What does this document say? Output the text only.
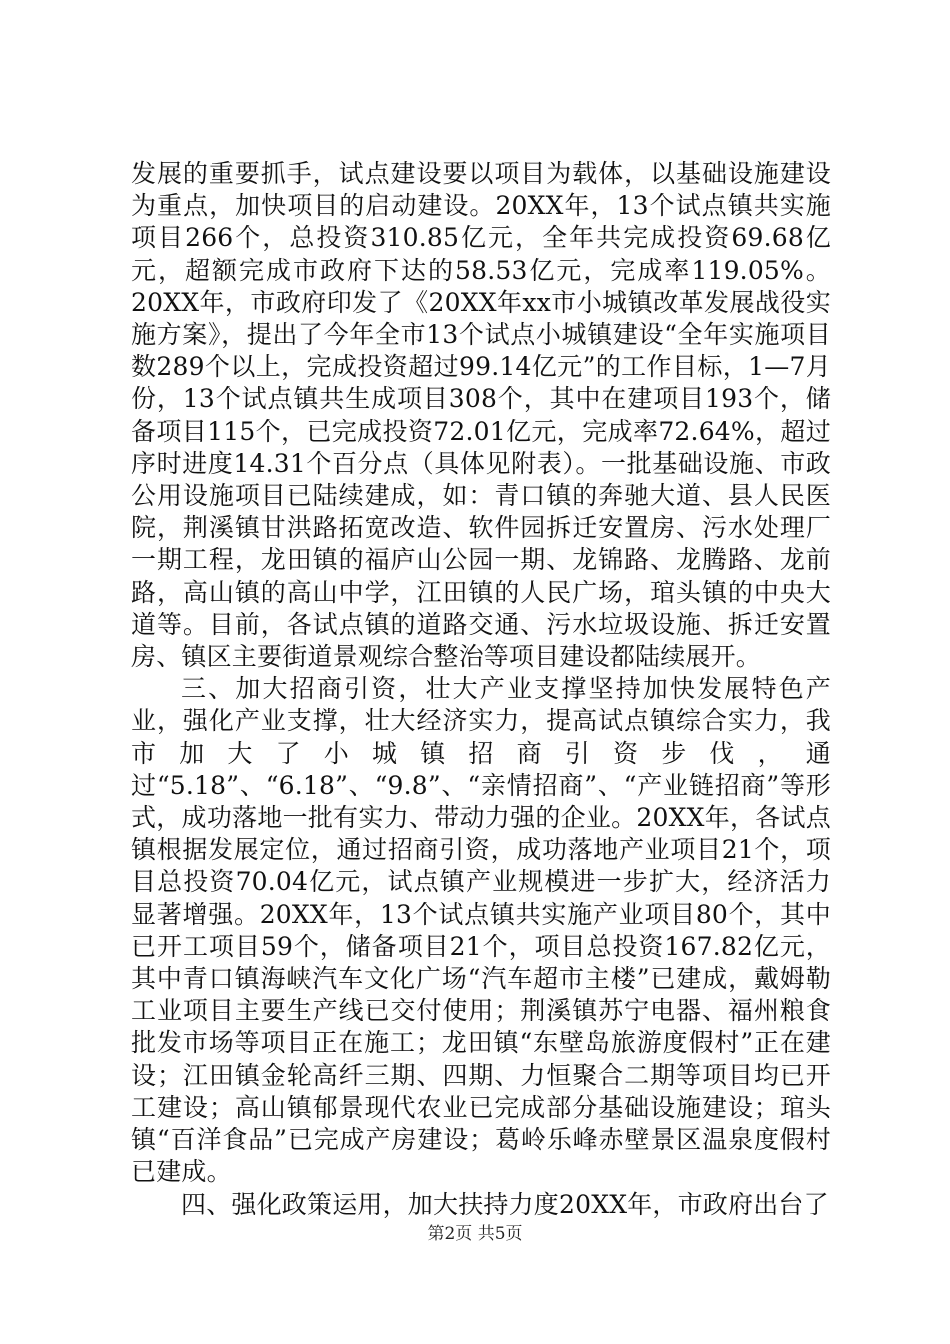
发展的重要抓手，试点建设要以项目为载体，以基础设施建设为重点，加快项目的启动建设。20XX年，13个试点镇共实施项目266个，总投资310.85亿元，全年共完成投资69.68亿元，超额完成市政府下达的58.53亿元，完成率119.05%。20XX年，市政府印发了《20XX年xx市小城镇改革发展战役实施方案》，提出了今年全市13个试点小城镇建设“全年实施项目数289个以上，完成投资超过99.14亿元”的工作目标，1—7月份，13个试点镇共生成项目308个，其中在建项目193个，储备项目115个，已完成投资72.01亿元，完成率72.64%，超过序时进度14.31个百分点（具体见附表）。一批基础设施、市政公用设施项目已陆续建成，如：青口镇的奔驰大道、县人民医院，荆溪镇甘洪路拓宽改造、软件园拆迁安置房、污水处理厂一期工程，龙田镇的福庐山公园一期、龙锦路、龙腾路、龙前路，高山镇的高山中学，江田镇的人民广场，琯头镇的中央大道等。目前，各试点镇的道路交通、污水垃圾设施、拆迁安置房、镇区主要街道景观综合整治等项目建设都陆续展开。

三、加大招商引资，壮大产业支撑坚持加快发展特色产业，强化产业支撑，壮大经济实力，提高试点镇综合实力，我市加大了小城镇招商引资步伐，通过“5.18”、“6.18”、“9.8”、“亲情招商”、“产业链招商”等形式，成功落地一批有实力、带动力强的企业。20XX年，各试点镇根据发展定位，通过招商引资，成功落地产业项目21个，项目总投资70.04亿元，试点镇产业规模进一步扩大，经济活力显著增强。20XX年，13个试点镇共实施产业项目80个，其中已开工项目59个，储备项目21个，项目总投资167.82亿元，其中青口镇海峡汽车文化广场“汽车超市主楼”已建成，戴姆勒工业项目主要生产线已交付使用；荆溪镇苏宁电器、福州粮食批发市场等项目正在施工；龙田镇“东壁岛旅游度假村”正在建设；江田镇金轮高纤三期、四期、力恒聚合二期等项目均已开工建设；高山镇郁景现代农业已完成部分基础设施建设；琯头镇“百洋食品”已完成产房建设；葛岭乐峰赤壁景区温泉度假村已建成。

四、强化政策运用，加大扶持力度20XX年，市政府出台了

第2页 共5页
